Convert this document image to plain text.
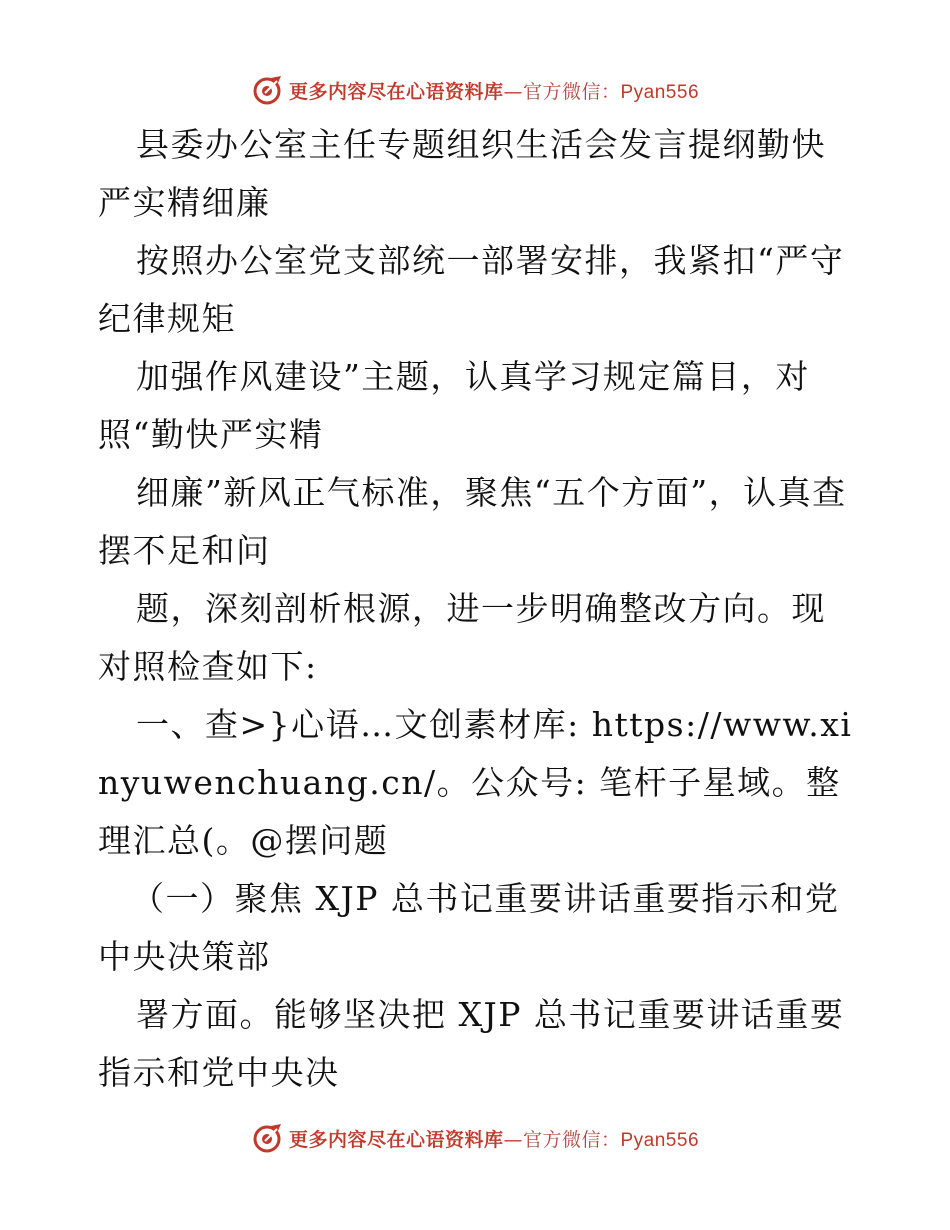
更多内容尽在心语资料库 — 官方微信： Pyan556

县委办公室主任专题组织生活会发言提纲勤快严实精细廉

按照办公室党支部统一部署安排，我紧扣“严守纪律规矩

加强作风建设”主题，认真学习规定篇目，对照“勤快严实精

细廉”新风正气标准，聚焦“五个方面”，认真查摆不足和问

题，深刻剖析根源，进一步明确整改方向。现对照检查如下:

一、查>}心语…文创素材库: https://www.xinyuwenchuang.cn/。公众号: 笔杆子星域。整理汇总(。@摆问题

（一）聚焦 XJP 总书记重要讲话重要指示和党中央决策部

署方面。能够坚决把 XJP 总书记重要讲话重要指示和党中央决

更多内容尽在心语资料库 — 官方微信： Pyan556
